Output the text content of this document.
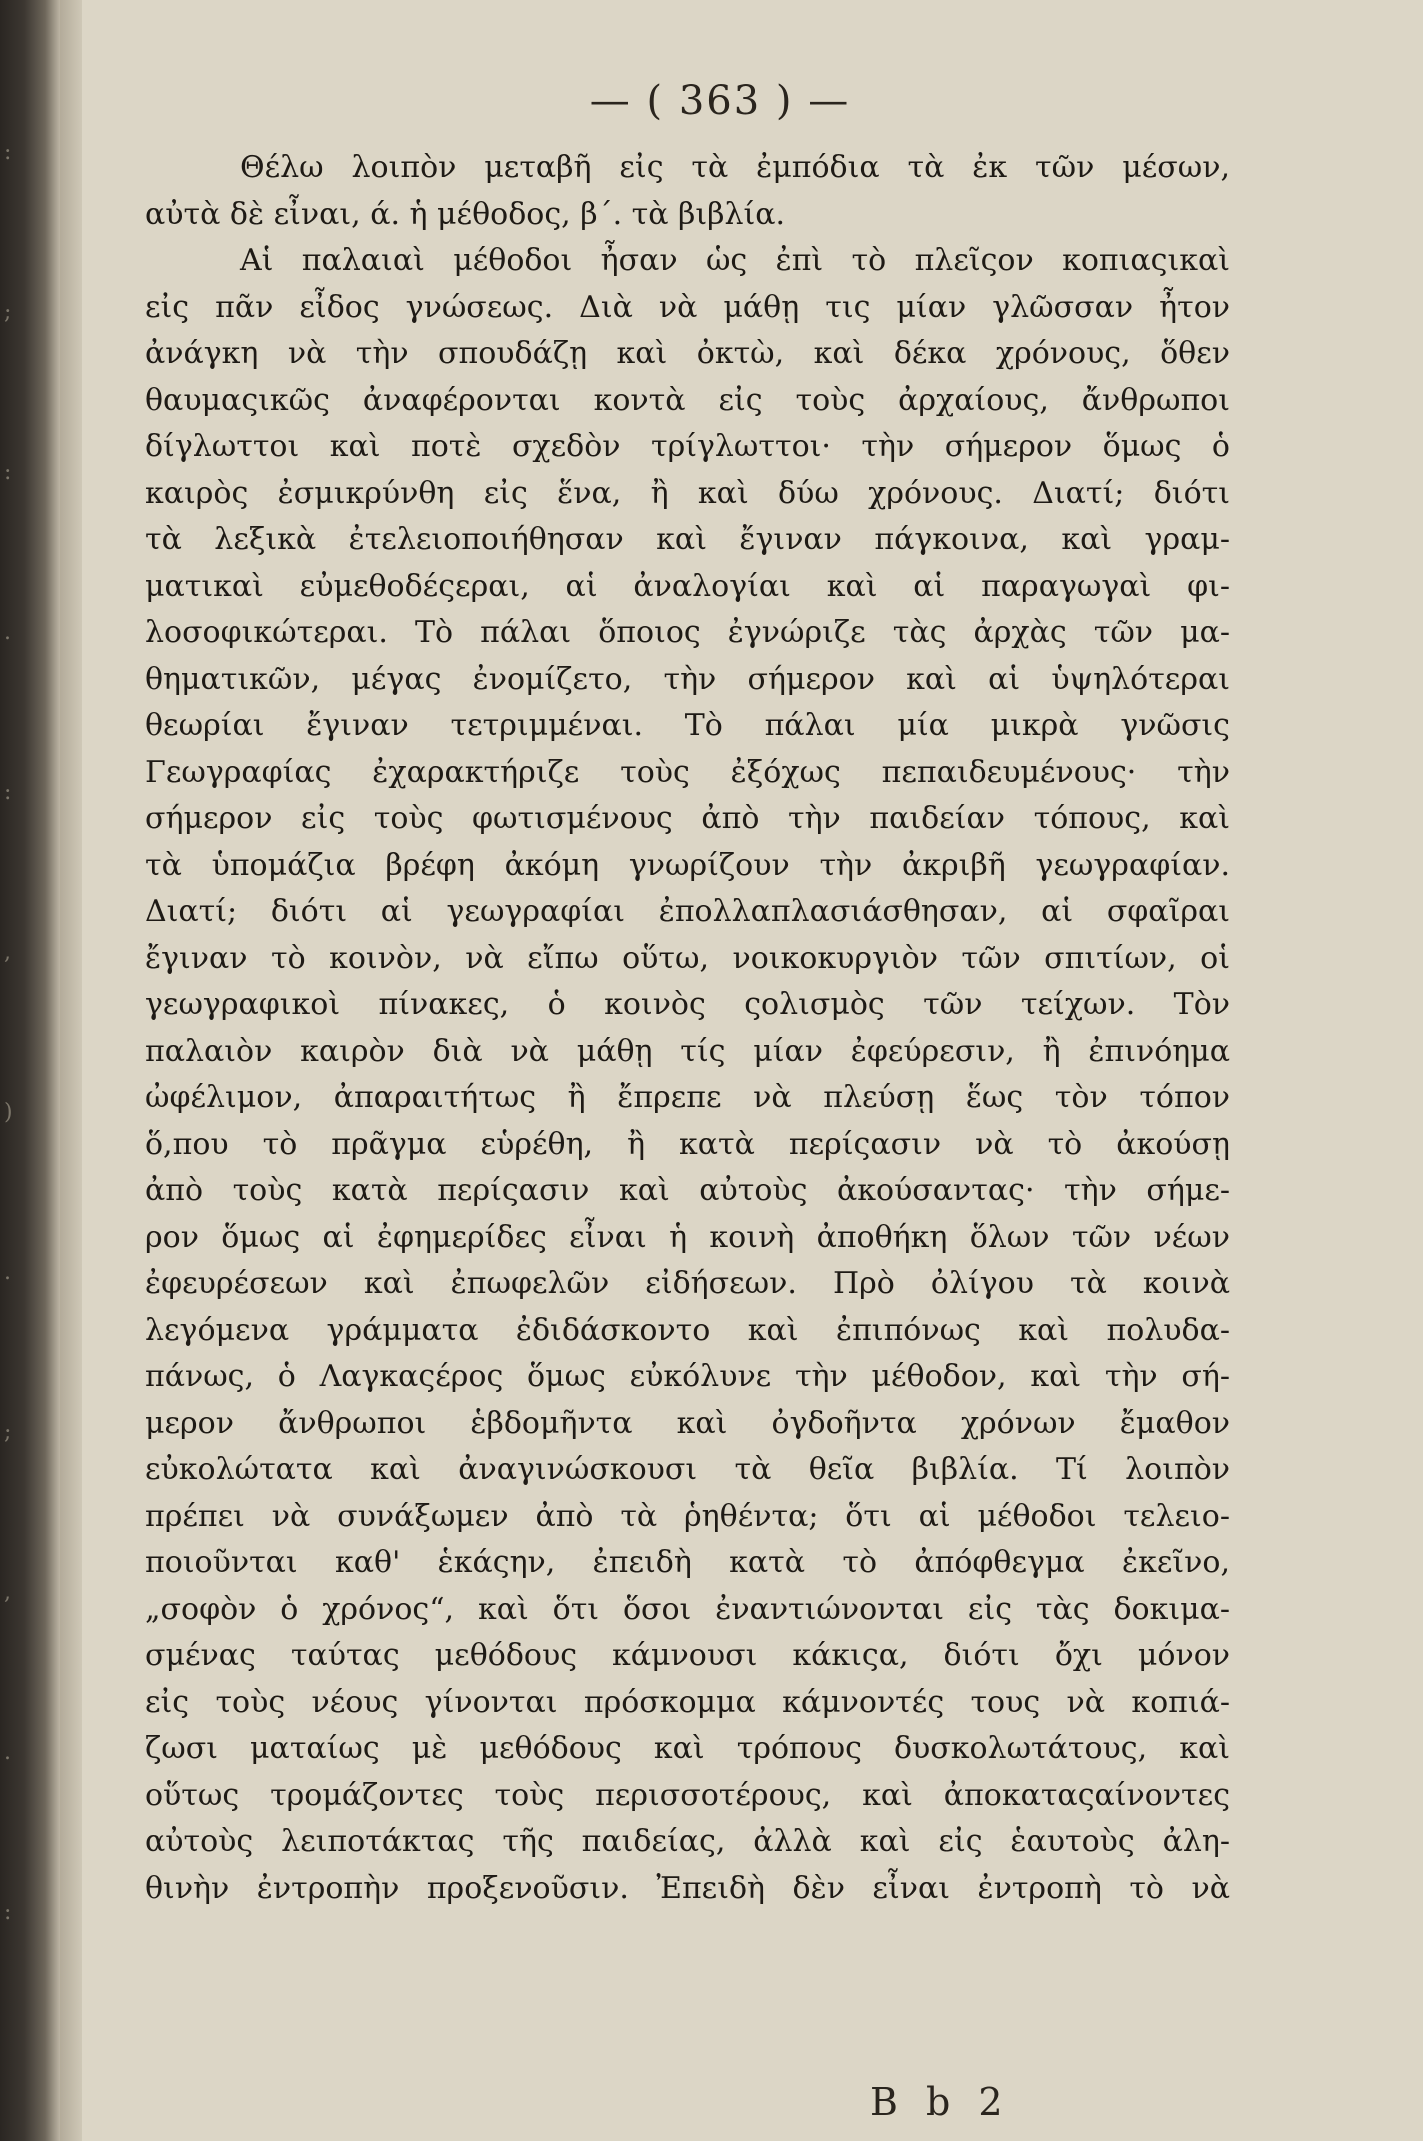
:
;
:
.
:
,
)
.
;
,
.
:
— ( 363 ) —
Θέλω λοιπὸν μεταβῆ εἰς τὰ ἐμπόδια τὰ ἐκ τῶν μέσων,
αὐτὰ δὲ εἶναι, ά. ἡ μέθοδος, β΄. τὰ βιβλία.
Αἱ παλαιαὶ μέθοδοι ἦσαν ὡς ἐπὶ τὸ πλεῖςον κοπιαςικαὶ
εἰς πᾶν εἶδος γνώσεως. Διὰ νὰ μάθῃ τις μίαν γλῶσσαν ἦτον
ἀνάγκη νὰ τὴν σπουδάζῃ καὶ ὀκτὼ, καὶ δέκα χρόνους, ὅθεν
θαυμαςικῶς ἀναφέρονται κοντὰ εἰς τοὺς ἀρχαίους, ἄνθρωποι
δίγλωττοι καὶ ποτὲ σχεδὸν τρίγλωττοι· τὴν σήμερον ὅμως ὁ
καιρὸς ἐσμικρύνθη εἰς ἕνα, ἢ καὶ δύω χρόνους. Διατί; διότι
τὰ λεξικὰ ἐτελειοποιήθησαν καὶ ἔγιναν πάγκοινα, καὶ γραμ-
ματικαὶ εὐμεθοδέςεραι, αἱ ἀναλογίαι καὶ αἱ παραγωγαὶ φι-
λοσοφικώτεραι. Τὸ πάλαι ὅποιος ἐγνώριζε τὰς ἀρχὰς τῶν μα-
θηματικῶν, μέγας ἐνομίζετο, τὴν σήμερον καὶ αἱ ὑψηλότεραι
θεωρίαι ἔγιναν τετριμμέναι. Τὸ πάλαι μία μικρὰ γνῶσις
Γεωγραφίας ἐχαρακτήριζε τοὺς ἐξόχως πεπαιδευμένους· τὴν
σήμερον εἰς τοὺς φωτισμένους ἀπὸ τὴν παιδείαν τόπους, καὶ
τὰ ὑπομάζια βρέφη ἀκόμη γνωρίζουν τὴν ἀκριβῆ γεωγραφίαν.
Διατί; διότι αἱ γεωγραφίαι ἐπολλαπλασιάσθησαν, αἱ σφαῖραι
ἔγιναν τὸ κοινὸν, νὰ εἴπω οὕτω, νοικοκυργιὸν τῶν σπιτίων, οἱ
γεωγραφικοὶ πίνακες, ὁ κοινὸς ςολισμὸς τῶν τείχων. Τὸν
παλαιὸν καιρὸν διὰ νὰ μάθῃ τίς μίαν ἐφεύρεσιν, ἢ ἐπινόημα
ὠφέλιμον, ἀπαραιτήτως ἢ ἔπρεπε νὰ πλεύσῃ ἕως τὸν τόπον
ὅ,που τὸ πρᾶγμα εὑρέθη, ἢ κατὰ περίςασιν νὰ τὸ ἀκούσῃ
ἀπὸ τοὺς κατὰ περίςασιν καὶ αὐτοὺς ἀκούσαντας· τὴν σήμε-
ρον ὅμως αἱ ἐφημερίδες εἶναι ἡ κοινὴ ἀποθήκη ὅλων τῶν νέων
ἐφευρέσεων καὶ ἐπωφελῶν εἰδήσεων. Πρὸ ὀλίγου τὰ κοινὰ
λεγόμενα γράμματα ἐδιδάσκοντο καὶ ἐπιπόνως καὶ πολυδα-
πάνως, ὁ Λαγκαςέρος ὅμως εὐκόλυνε τὴν μέθοδον, καὶ τὴν σή-
μερον ἄνθρωποι ἑβδομῆντα καὶ ὀγδοῆντα χρόνων ἔμαθον
εὐκολώτατα καὶ ἀναγινώσκουσι τὰ θεῖα βιβλία. Τί λοιπὸν
πρέπει νὰ συνάξωμεν ἀπὸ τὰ ῥηθέντα; ὅτι αἱ μέθοδοι τελειο-
ποιοῦνται καθ' ἑκάςην, ἐπειδὴ κατὰ τὸ ἀπόφθεγμα ἐκεῖνο,
„σοφὸν ὁ χρόνος“, καὶ ὅτι ὅσοι ἐναντιώνονται εἰς τὰς δοκιμα-
σμένας ταύτας μεθόδους κάμνουσι κάκιςα, διότι ὄχι μόνον
εἰς τοὺς νέους γίνονται πρόσκομμα κάμνοντές τους νὰ κοπιά-
ζωσι ματαίως μὲ μεθόδους καὶ τρόπους δυσκολωτάτους, καὶ
οὕτως τρομάζοντες τοὺς περισσοτέρους, καὶ ἀποκαταςαίνοντες
αὐτοὺς λειποτάκτας τῆς παιδείας, ἀλλὰ καὶ εἰς ἑαυτοὺς ἀλη-
θινὴν ἐντροπὴν προξενοῦσιν. Ἐπειδὴ δὲν εἶναι ἐντροπὴ τὸ νὰ
B b 2
